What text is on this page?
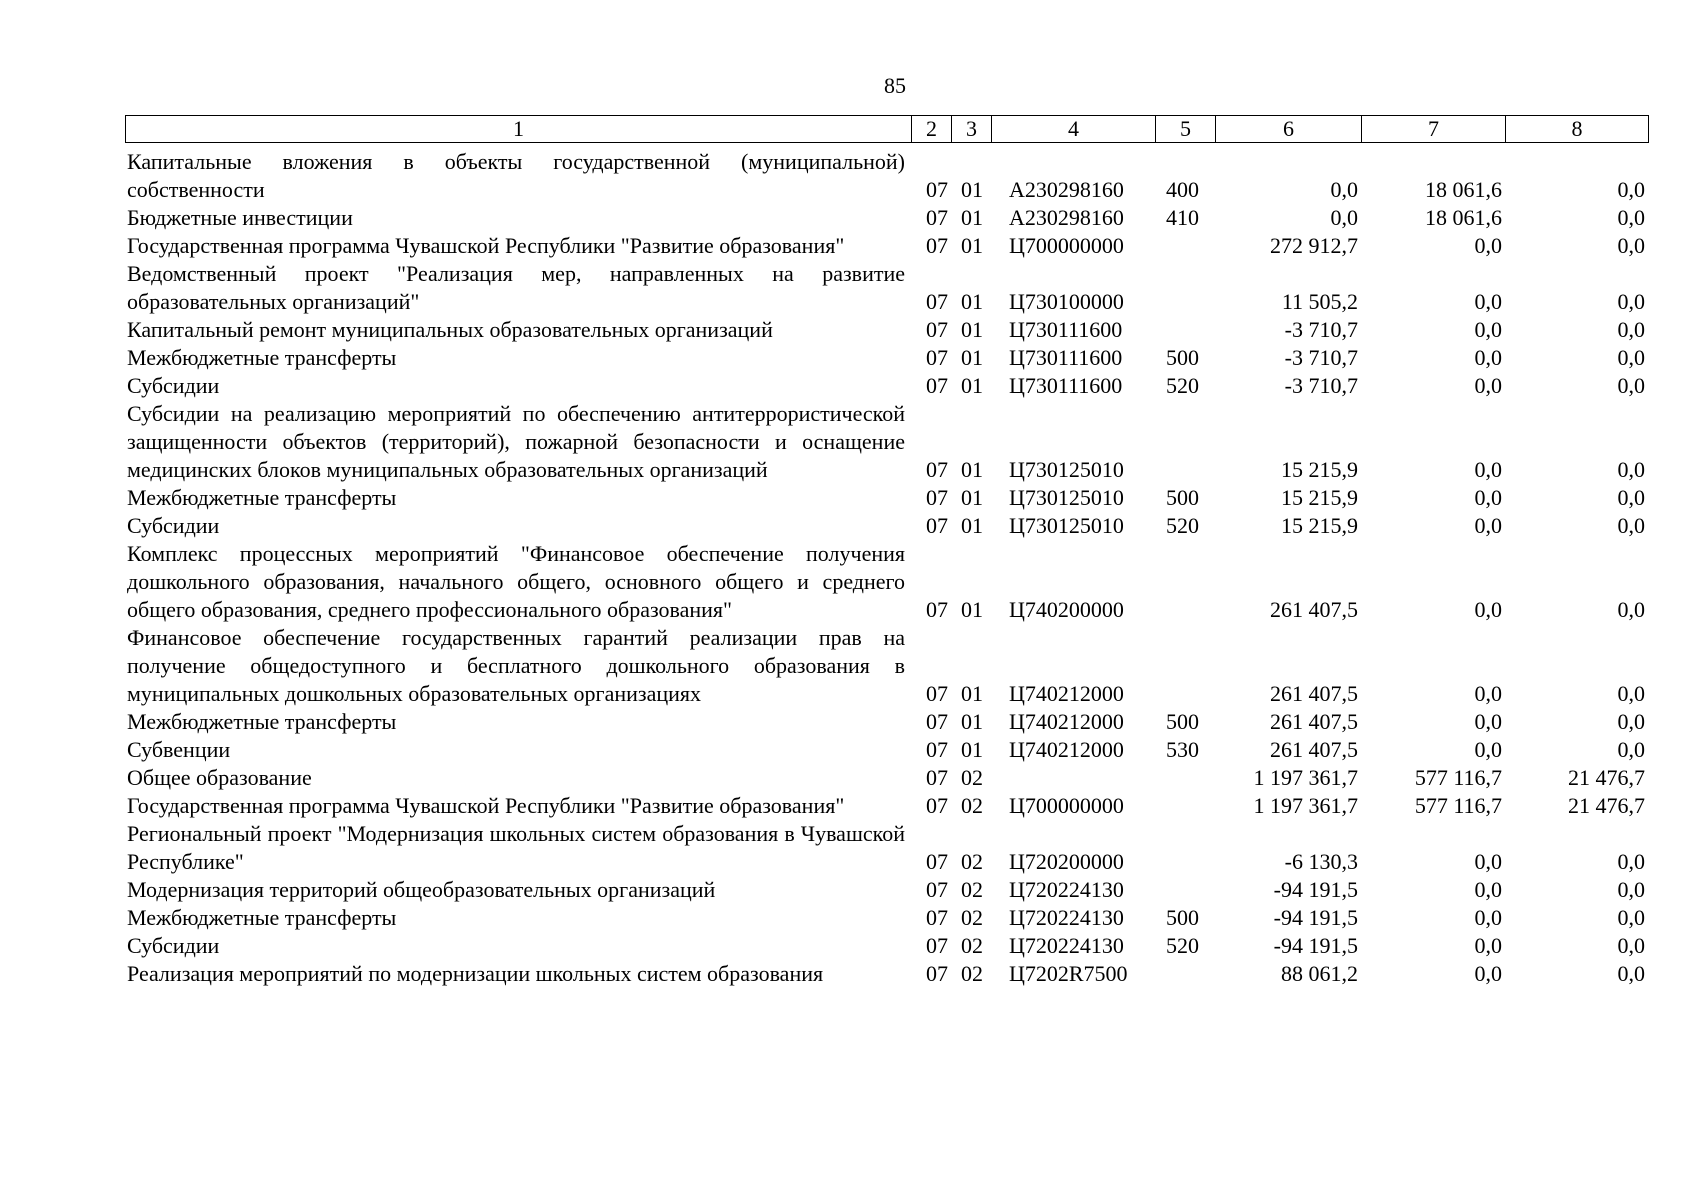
85
1	2	3	4	5	6	7	8
Капитальные вложения в объекты государственной (муниципальной) собственности	07	01	А230298160	400	0,0	18 061,6	0,0
Бюджетные инвестиции	07	01	А230298160	410	0,0	18 061,6	0,0
Государственная программа Чувашской Республики "Развитие образования"	07	01	Ц700000000		272 912,7	0,0	0,0
Ведомственный проект "Реализация мер, направленных на развитие образовательных организаций"	07	01	Ц730100000		11 505,2	0,0	0,0
Капитальный ремонт муниципальных образовательных организаций	07	01	Ц730111600		-3 710,7	0,0	0,0
Межбюджетные трансферты	07	01	Ц730111600	500	-3 710,7	0,0	0,0
Субсидии	07	01	Ц730111600	520	-3 710,7	0,0	0,0
Субсидии на реализацию мероприятий по обеспечению антитеррористической защищенности объектов (территорий), пожарной безопасности и оснащение медицинских блоков муниципальных образовательных организаций	07	01	Ц730125010		15 215,9	0,0	0,0
Межбюджетные трансферты	07	01	Ц730125010	500	15 215,9	0,0	0,0
Субсидии	07	01	Ц730125010	520	15 215,9	0,0	0,0
Комплекс процессных мероприятий "Финансовое обеспечение получения дошкольного образования, начального общего, основного общего и среднего общего образования, среднего профессионального образования"	07	01	Ц740200000		261 407,5	0,0	0,0
Финансовое обеспечение государственных гарантий реализации прав на получение общедоступного и бесплатного дошкольного образования в муниципальных дошкольных образовательных организациях	07	01	Ц740212000		261 407,5	0,0	0,0
Межбюджетные трансферты	07	01	Ц740212000	500	261 407,5	0,0	0,0
Субвенции	07	01	Ц740212000	530	261 407,5	0,0	0,0
Общее образование	07	02			1 197 361,7	577 116,7	21 476,7
Государственная программа Чувашской Республики "Развитие образования"	07	02	Ц700000000		1 197 361,7	577 116,7	21 476,7
Региональный проект "Модернизация школьных систем образования в Чувашской Республике"	07	02	Ц720200000		-6 130,3	0,0	0,0
Модернизация территорий общеобразовательных организаций	07	02	Ц720224130		-94 191,5	0,0	0,0
Межбюджетные трансферты	07	02	Ц720224130	500	-94 191,5	0,0	0,0
Субсидии	07	02	Ц720224130	520	-94 191,5	0,0	0,0
Реализация мероприятий по модернизации школьных систем образования	07	02	Ц7202R7500		88 061,2	0,0	0,0
